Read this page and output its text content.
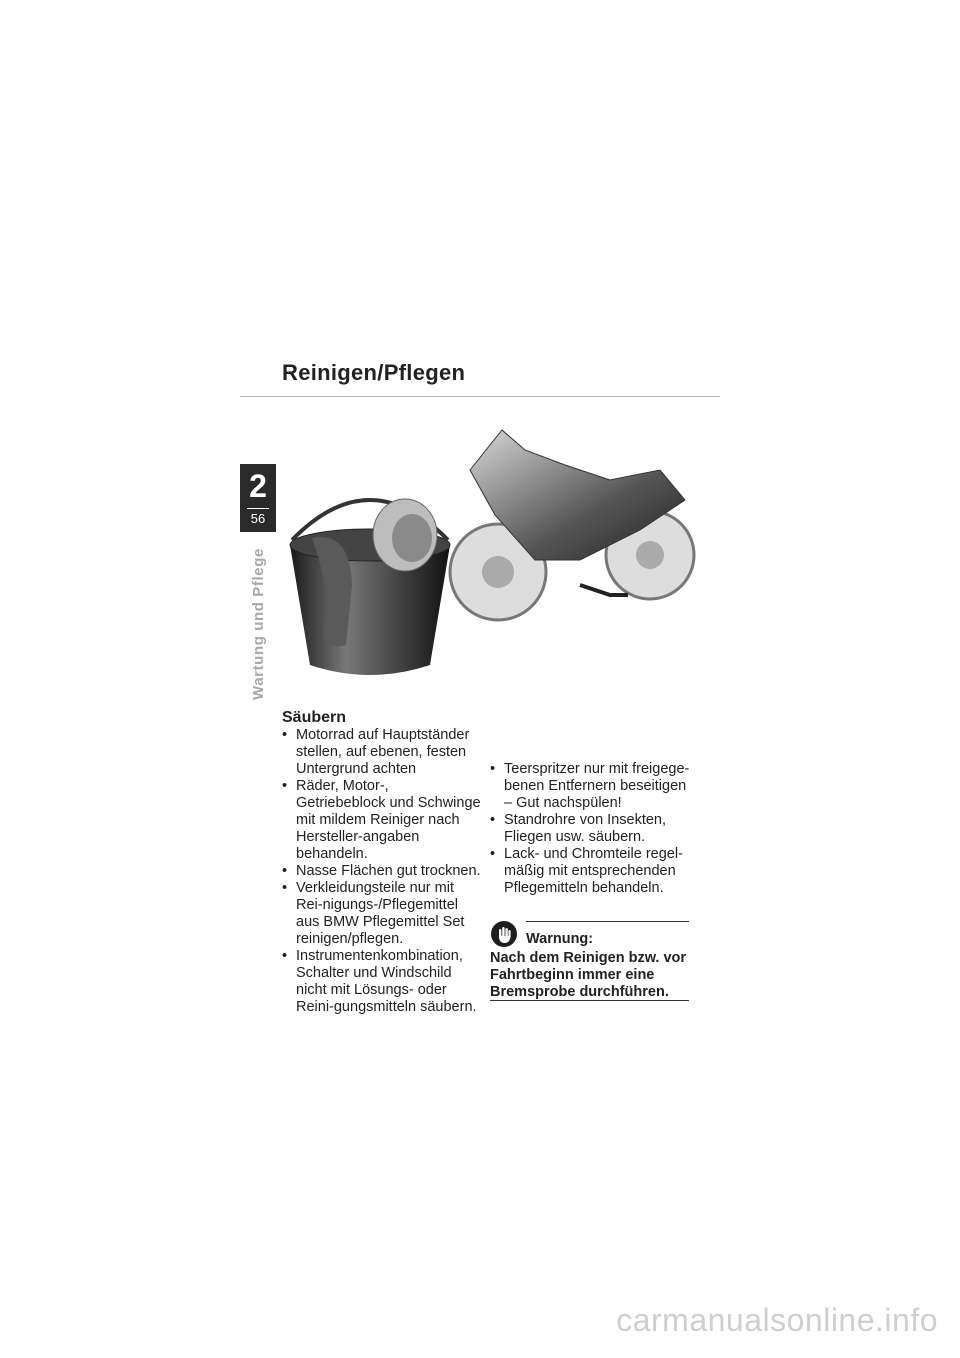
Reinigen/Pflegen
2
56
Wartung und Pflege
Säubern
• Motorrad auf Hauptständer stellen, auf ebenen, festen Untergrund achten
• Räder, Motor-, Getriebeblock und Schwinge mit mildem Reiniger nach Hersteller-angaben behandeln.
• Nasse Flächen gut trocknen.
• Verkleidungsteile nur mit Rei-nigungs-/Pflegemittel aus BMW Pflegemittel Set reinigen/pflegen.
• Instrumentenkombination, Schalter und Windschild nicht mit Lösungs- oder Reini-gungsmitteln säubern.
• Teerspritzer nur mit freigege-benen Entfernern beseitigen – Gut nachspülen!
• Standrohre von Insekten, Fliegen usw. säubern.
• Lack- und Chromteile regel-mäßig mit entsprechenden Pflegemitteln behandeln.
Warnung:
Nach dem Reinigen bzw. vor Fahrtbeginn immer eine Bremsprobe durchführen.
carmanualsonline.info
